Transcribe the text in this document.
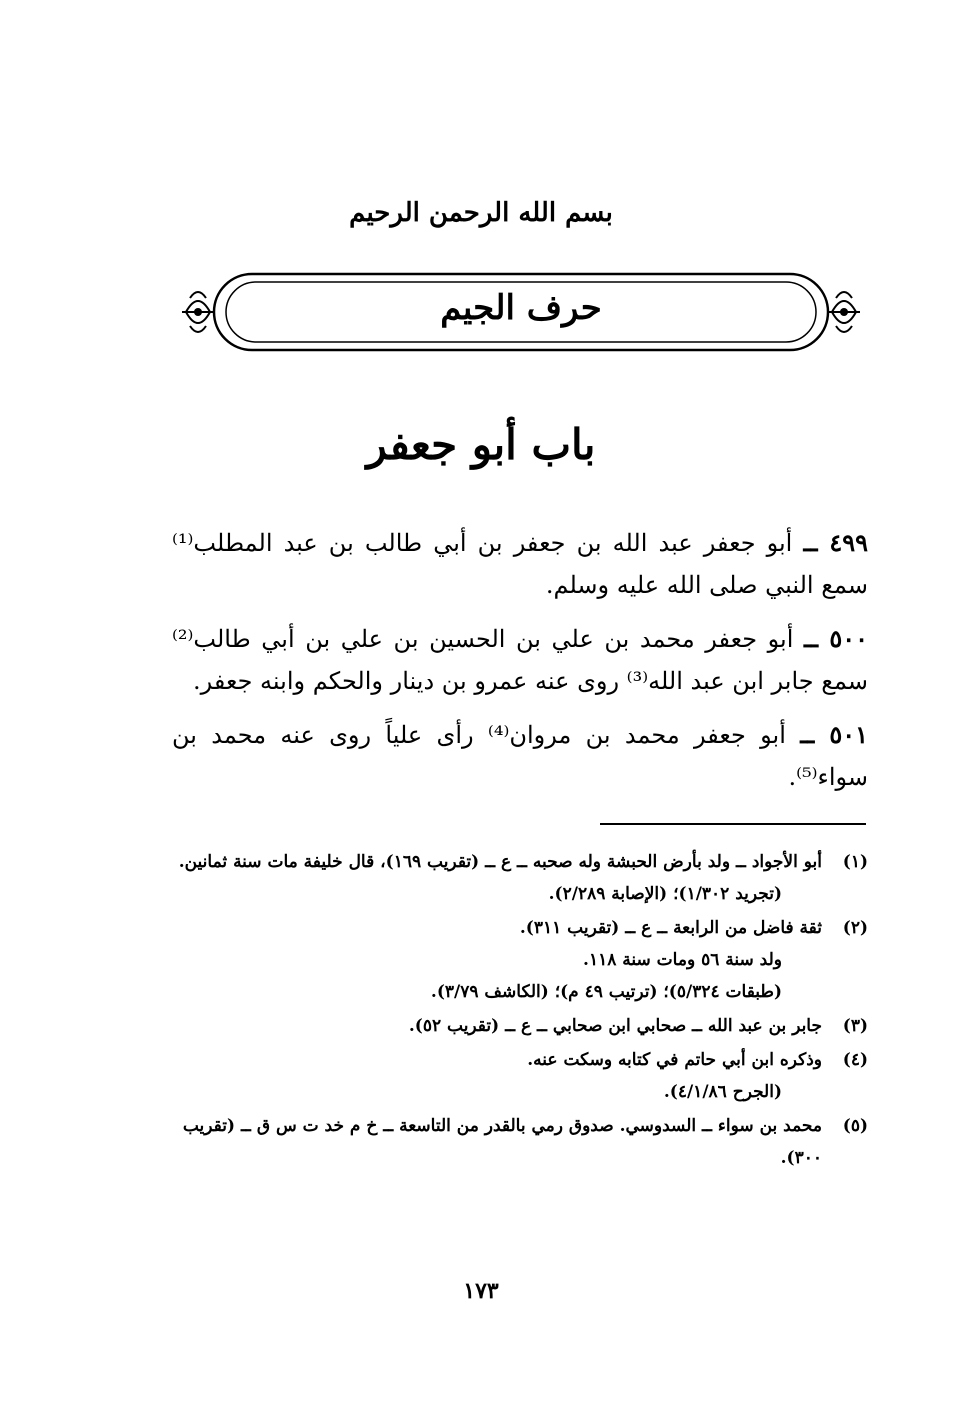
بسم الله الرحمن الرحيم
حرف الجيم
باب أبو جعفر
٤٩٩ ــ أبو جعفر عبد الله بن جعفر بن أبي طالب بن عبد المطلب⁽¹⁾ سمع النبي صلى الله عليه وسلم.
٥٠٠ ــ أبو جعفر محمد بن علي بن الحسين بن علي بن أبي طالب⁽²⁾ سمع جابر ابن عبد الله⁽³⁾ روى عنه عمرو بن دينار والحكم وابنه جعفر.
٥٠١ ــ أبو جعفر محمد بن مروان⁽⁴⁾ رأى علياً روى عنه محمد بن سواء⁽⁵⁾.
(١)
أبو الأجواد ــ ولد بأرض الحبشة وله صحبه ــ ع ــ (تقريب ١٦٩)، قال خليفة مات سنة ثمانين.
(تجريد ١/٣٠٢)؛ (الإصابة ٢/٢٨٩).
(٢)
ثقة فاضل من الرابعة ــ ع ــ (تقريب ٣١١).
ولد سنة ٥٦ ومات سنة ١١٨.
(طبقات ٥/٣٢٤)؛ (ترتيب ٤٩ م)؛ (الكاشف ٣/٧٩).
(٣)
جابر بن عبد الله ــ صحابي ابن صحابي ــ ع ــ (تقريب ٥٢).
(٤)
وذكره ابن أبي حاتم في كتابه وسكت عنه.
(الجرح ٤/١/٨٦).
(٥)
محمد بن سواء ــ السدوسي. صدوق رمي بالقدر من التاسعة ــ خ م خد ت س ق ــ (تقريب ٣٠٠).
١٧٣
